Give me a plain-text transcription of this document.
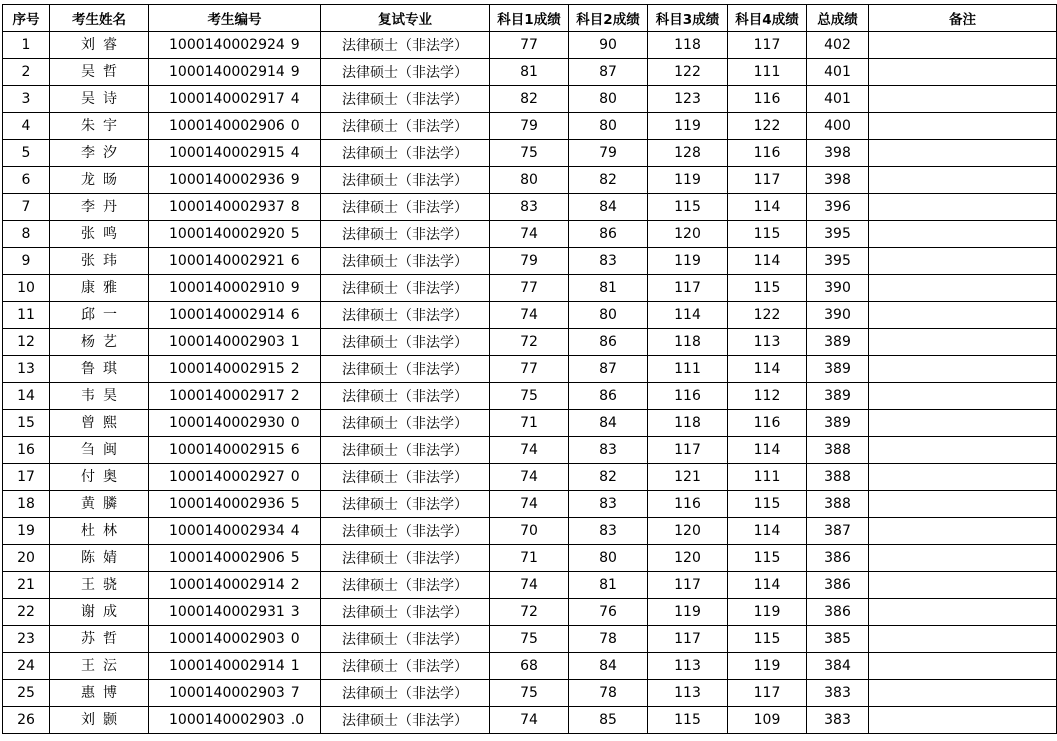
序号	考生姓名	考生编号	复试专业	科目1成绩	科目2成绩	科目3成绩	科目4成绩	总成绩	备注
1	刘 睿	1000140002924 9	法律硕士（非法学）	77	90	118	117	402	
2	吴 哲	1000140002914 9	法律硕士（非法学）	81	87	122	111	401	
3	吴 诗	1000140002917 4	法律硕士（非法学）	82	80	123	116	401	
4	朱 宇	1000140002906 0	法律硕士（非法学）	79	80	119	122	400	
5	李 汐	1000140002915 4	法律硕士（非法学）	75	79	128	116	398	
6	龙 旸	1000140002936 9	法律硕士（非法学）	80	82	119	117	398	
7	李 丹	1000140002937 8	法律硕士（非法学）	83	84	115	114	396	
8	张 鸣	1000140002920 5	法律硕士（非法学）	74	86	120	115	395	
9	张 玮	1000140002921 6	法律硕士（非法学）	79	83	119	114	395	
10	康 雅	1000140002910 9	法律硕士（非法学）	77	81	117	115	390	
11	邱 一	1000140002914 6	法律硕士（非法学）	74	80	114	122	390	
12	杨 艺	1000140002903 1	法律硕士（非法学）	72	86	118	113	389	
13	鲁 琪	1000140002915 2	法律硕士（非法学）	77	87	111	114	389	
14	韦 昊	1000140002917 2	法律硕士（非法学）	75	86	116	112	389	
15	曾 熙	1000140002930 0	法律硕士（非法学）	71	84	118	116	389	
16	刍 闽	1000140002915 6	法律硕士（非法学）	74	83	117	114	388	
17	付 奥	1000140002927 0	法律硕士（非法学）	74	82	121	111	388	
18	黄 膦	1000140002936 5	法律硕士（非法学）	74	83	116	115	388	
19	杜 林	1000140002934 4	法律硕士（非法学）	70	83	120	114	387	
20	陈 婧	1000140002906 5	法律硕士（非法学）	71	80	120	115	386	
21	王 骁	1000140002914 2	法律硕士（非法学）	74	81	117	114	386	
22	谢 成	1000140002931 3	法律硕士（非法学）	72	76	119	119	386	
23	苏 哲	1000140002903 0	法律硕士（非法学）	75	78	117	115	385	
24	王 沄	1000140002914 1	法律硕士（非法学）	68	84	113	119	384	
25	惠 博	1000140002903 7	法律硕士（非法学）	75	78	113	117	383	
26	刘 颢	1000140002903 .0	法律硕士（非法学）	74	85	115	109	383	
